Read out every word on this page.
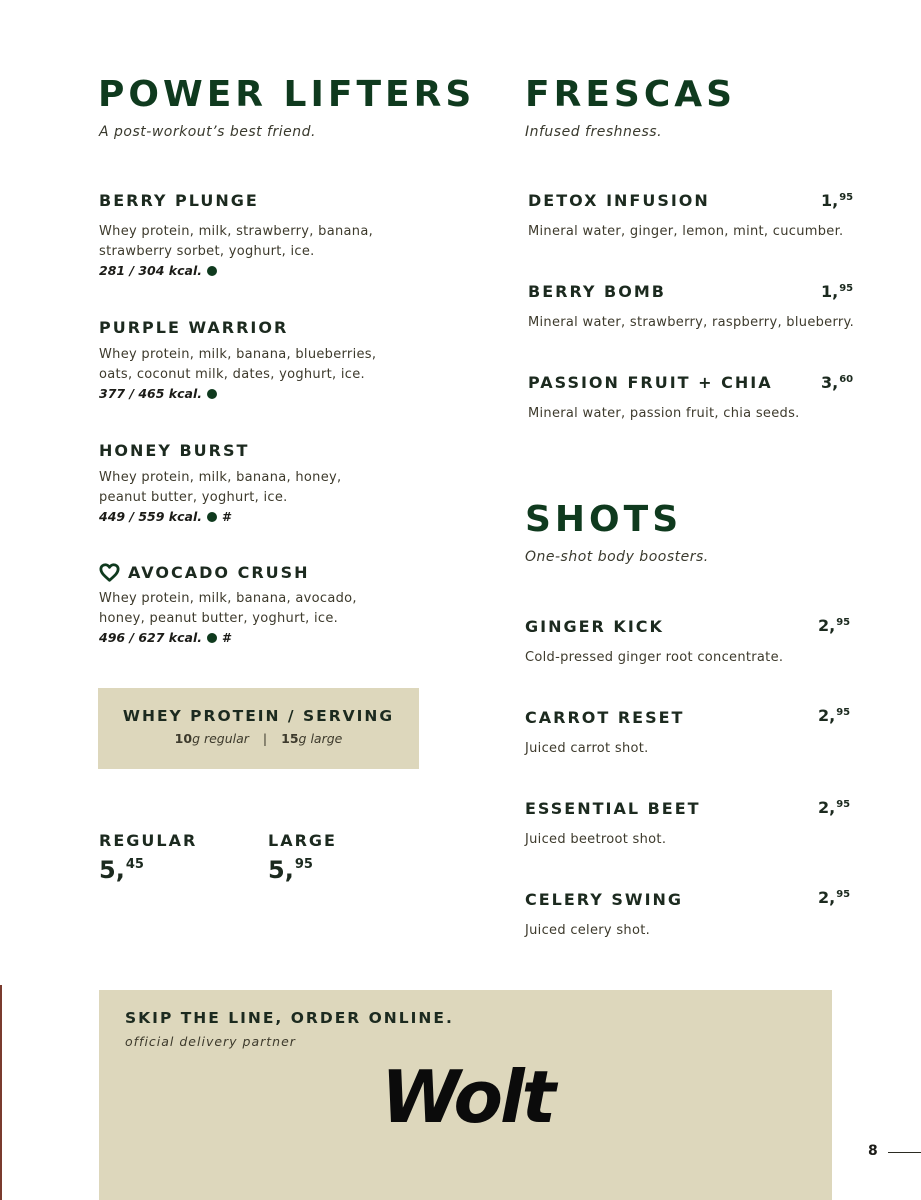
POWER LIFTERS

A post-workout’s best friend.

BERRY PLUNGE
Whey protein, milk, strawberry, banana,
strawberry sorbet, yoghurt, ice.
281 / 304 kcal.
PURPLE WARRIOR
Whey protein, milk, banana, blueberries,
oats, coconut milk, dates, yoghurt, ice.
377 / 465 kcal.
HONEY BURST
Whey protein, milk, banana, honey,
peanut butter, yoghurt, ice.
449 / 559 kcal. #
AVOCADO CRUSH
Whey protein, milk, banana, avocado,
honey, peanut butter, yoghurt, ice.
496 / 627 kcal. #
WHEY PROTEIN / SERVING
10g regular | 15g large
REGULAR
5 , 45
LARGE
5 , 95
FRESCAS

Infused freshness.

DETOX INFUSION
Mineral water, ginger, lemon, mint, cucumber.
1 , 95
BERRY BOMB
Mineral water, strawberry, raspberry, blueberry.
1 , 95
PASSION FRUIT + CHIA
Mineral water, passion fruit, chia seeds.
3 , 60
SHOTS

One-shot body boosters.

GINGER KICK
Cold-pressed ginger root concentrate.
2 , 95
CARROT RESET
Juiced carrot shot.
2 , 95
ESSENTIAL BEET
Juiced beetroot shot.
2 , 95
CELERY SWING
Juiced celery shot.
2 , 95
SKIP THE LINE, ORDER ONLINE.
official delivery partner
Wolt
8
